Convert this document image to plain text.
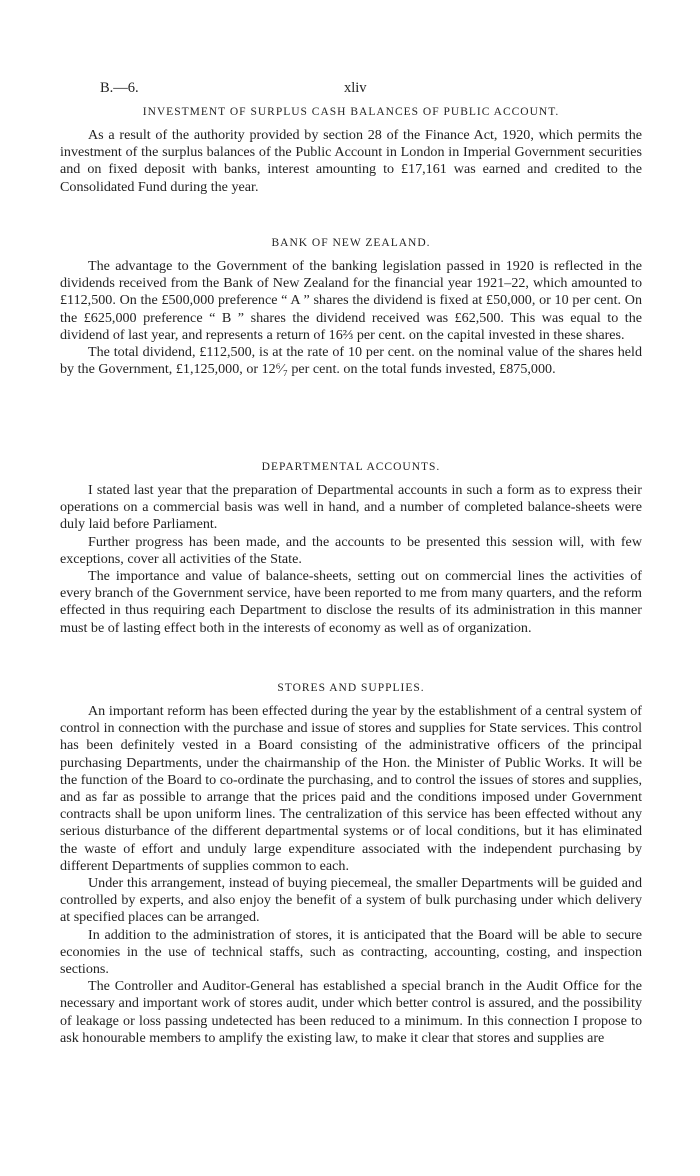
B.—6.	xliv
INVESTMENT OF SURPLUS CASH BALANCES OF PUBLIC ACCOUNT.

As a result of the authority provided by section 28 of the Finance Act, 1920, which permits the investment of the surplus balances of the Public Account in London in Imperial Government securities and on fixed deposit with banks, interest amounting to £17,161 was earned and credited to the Consolidated Fund during the year.

BANK OF NEW ZEALAND.

The advantage to the Government of the banking legislation passed in 1920 is reflected in the dividends received from the Bank of New Zealand for the financial year 1921–22, which amounted to £112,500. On the £500,000 preference “ A ” shares the dividend is fixed at £50,000, or 10 per cent. On the £625,000 preference “ B ” shares the dividend received was £62,500. This was equal to the dividend of last year, and represents a return of 16⅔ per cent. on the capital invested in these shares.

The total dividend, £112,500, is at the rate of 10 per cent. on the nominal value of the shares held by the Government, £1,125,000, or 12⁶⁄₇ per cent. on the total funds invested, £875,000.

DEPARTMENTAL ACCOUNTS.

I stated last year that the preparation of Departmental accounts in such a form as to express their operations on a commercial basis was well in hand, and a number of completed balance-sheets were duly laid before Parliament.

Further progress has been made, and the accounts to be presented this session will, with few exceptions, cover all activities of the State.

The importance and value of balance-sheets, setting out on commercial lines the activities of every branch of the Government service, have been reported to me from many quarters, and the reform effected in thus requiring each Department to disclose the results of its administration in this manner must be of lasting effect both in the interests of economy as well as of organization.

STORES AND SUPPLIES.

An important reform has been effected during the year by the establishment of a central system of control in connection with the purchase and issue of stores and supplies for State services. This control has been definitely vested in a Board consisting of the administrative officers of the principal purchasing Departments, under the chairmanship of the Hon. the Minister of Public Works. It will be the function of the Board to co-ordinate the purchasing, and to control the issues of stores and supplies, and as far as possible to arrange that the prices paid and the conditions imposed under Government contracts shall be upon uniform lines. The centralization of this service has been effected without any serious disturbance of the different departmental systems or of local conditions, but it has eliminated the waste of effort and unduly large expenditure associated with the independent purchasing by different Departments of supplies common to each.

Under this arrangement, instead of buying piecemeal, the smaller Departments will be guided and controlled by experts, and also enjoy the benefit of a system of bulk purchasing under which delivery at specified places can be arranged.

In addition to the administration of stores, it is anticipated that the Board will be able to secure economies in the use of technical staffs, such as contracting, accounting, costing, and inspection sections.

The Controller and Auditor-General has established a special branch in the Audit Office for the necessary and important work of stores audit, under which better control is assured, and the possibility of leakage or loss passing undetected has been reduced to a minimum. In this connection I propose to ask honourable members to amplify the existing law, to make it clear that stores and supplies are
